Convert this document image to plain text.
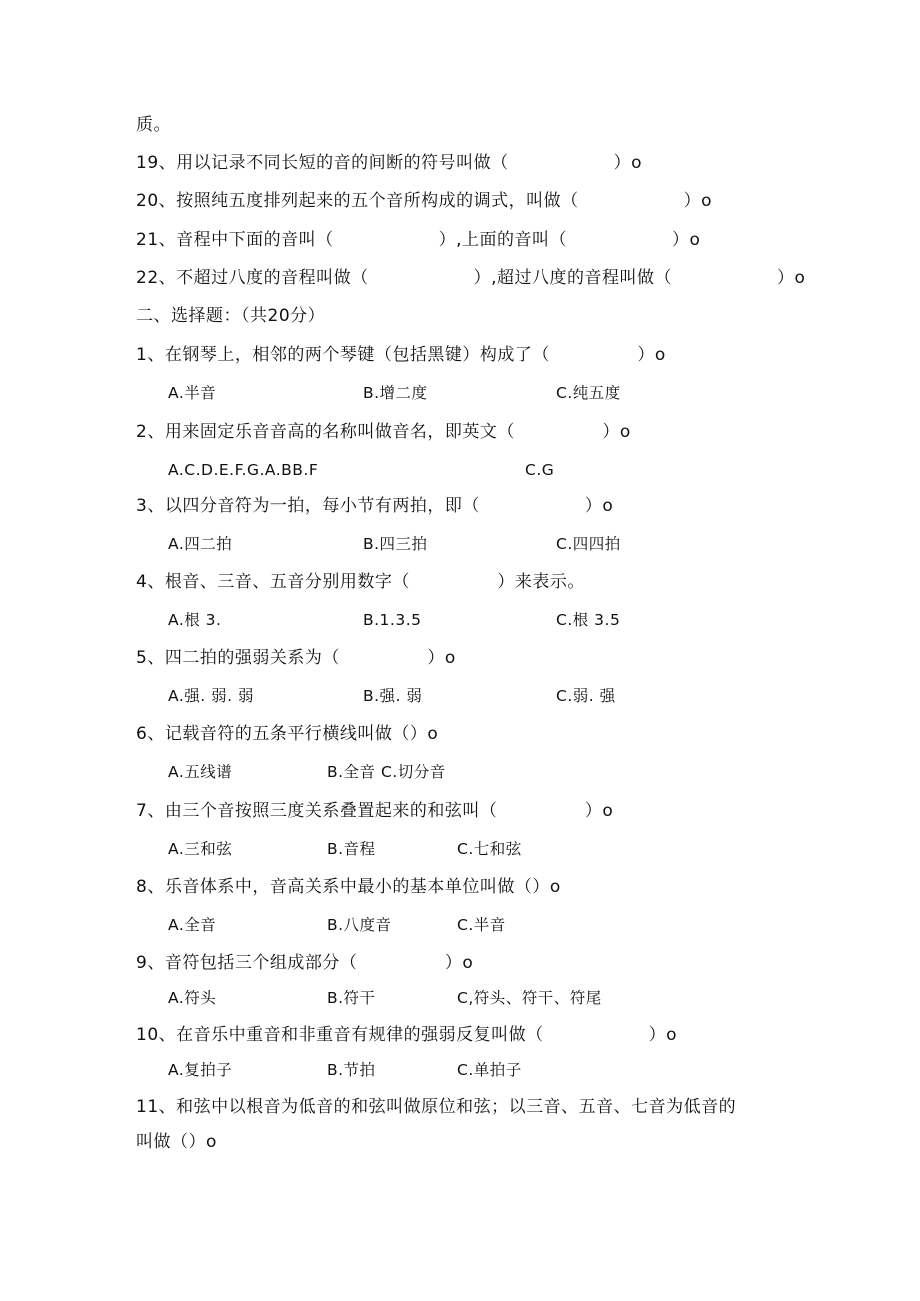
质。
19、用以记录不同长短的音的间断的符号叫做（　　　　　　）o
20、按照纯五度排列起来的五个音所构成的调式，叫做（　　　　　　）o
21、音程中下面的音叫（　　　　　　）,上面的音叫（　　　　　　）o
22、不超过八度的音程叫做（　　　　　　）,超过八度的音程叫做（　　　　　　）o
二、选择题：（共20分）
1、在钢琴上，相邻的两个琴键（包括黑键）构成了（　　　　　）o
A.半音	B.增二度	C.纯五度
2、用来固定乐音音高的名称叫做音名，即英文（　　　　　）o
A.C.D.E.F.G.A.BB.F	C.G
3、以四分音符为一拍，每小节有两拍，即（　　　　　　）o
A.四二拍	B.四三拍	C.四四拍
4、根音、三音、五音分别用数字（　　　　　）来表示。
A.根 3.	B.1.3.5	C.根 3.5
5、四二拍的强弱关系为（　　　　　）o
A.强. 弱. 弱	B.强. 弱	C.弱. 强
6、记载音符的五条平行横线叫做（）o
A.五线谱	B.全音 C.切分音
7、由三个音按照三度关系叠置起来的和弦叫（　　　　　）o
A.三和弦	B.音程	C.七和弦
8、乐音体系中，音高关系中最小的基本单位叫做（）o
A.全音	B.八度音	C.半音
9、音符包括三个组成部分（　　　　　）o
A.符头	B.符干	C,符头、符干、符尾
10、在音乐中重音和非重音有规律的强弱反复叫做（　　　　　　）o
A.复拍子	B.节拍	C.单拍子
11、和弦中以根音为低音的和弦叫做原位和弦；以三音、五音、七音为低音的
叫做（）o
